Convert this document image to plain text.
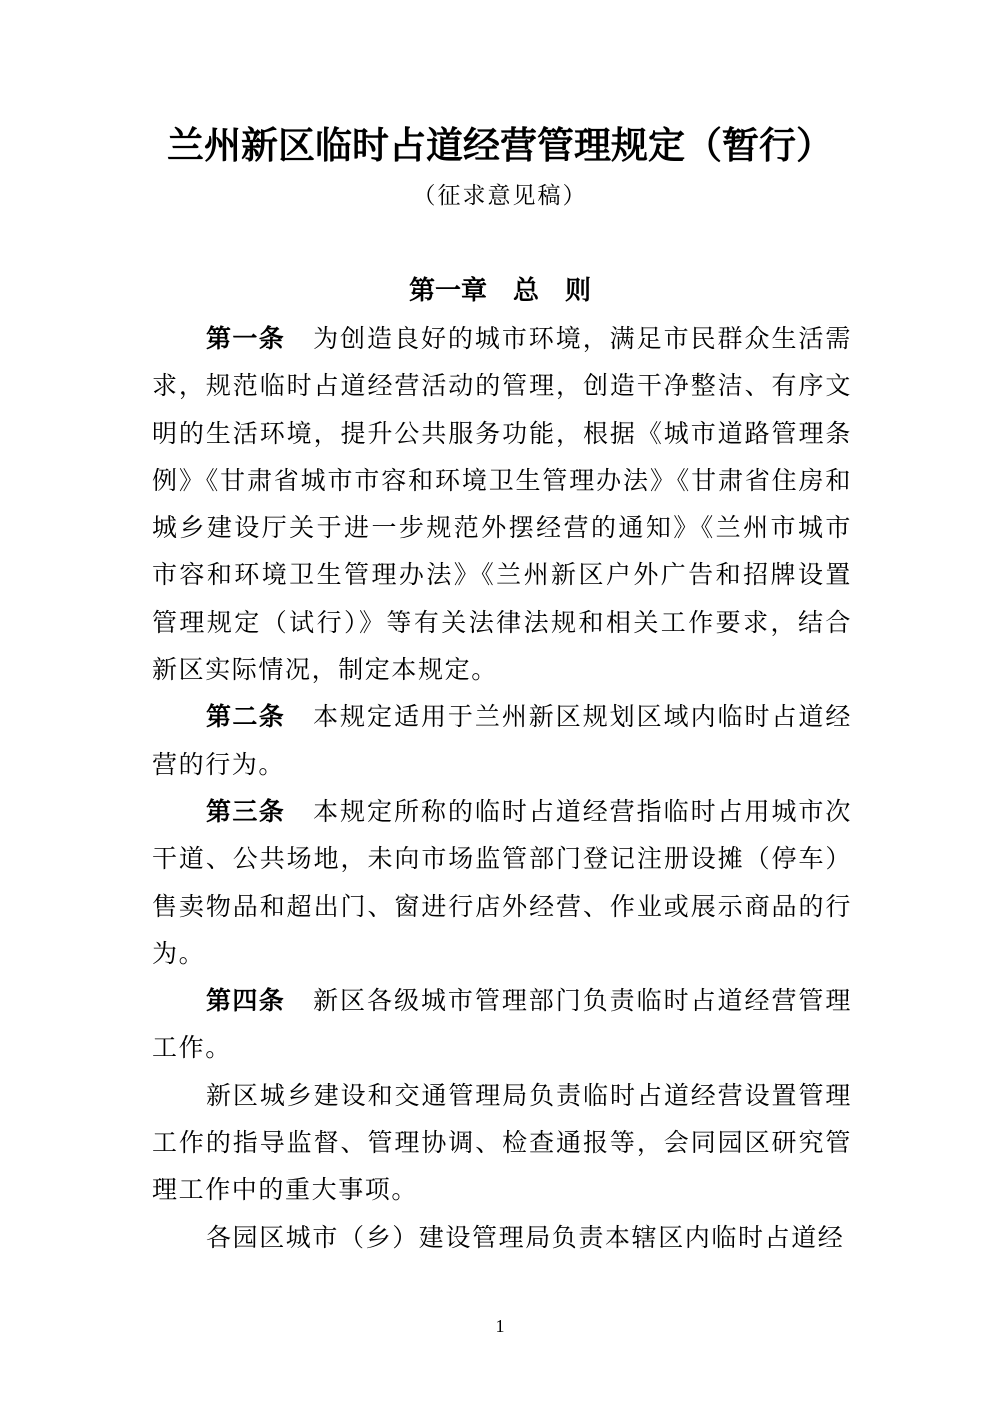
兰州新区临时占道经营管理规定（暂行）
（征求意见稿）
第一章　总　则

第一条 为创造良好的城市环境，满足市民群众生活需求，规范临时占道经营活动的管理，创造干净整洁、有序文明的生活环境，提升公共服务功能，根据《城市道路管理条例》《甘肃省城市市容和环境卫生管理办法》《甘肃省住房和城乡建设厅关于进一步规范外摆经营的通知》《兰州市城市市容和环境卫生管理办法》《兰州新区户外广告和招牌设置管理规定（试行）》等有关法律法规和相关工作要求，结合新区实际情况，制定本规定。

第二条 本规定适用于兰州新区规划区域内临时占道经营的行为。

第三条 本规定所称的临时占道经营指临时占用城市次干道、公共场地，未向市场监管部门登记注册设摊（停车）售卖物品和超出门、窗进行店外经营、作业或展示商品的行为。

第四条 新区各级城市管理部门负责临时占道经营管理工作。

新区城乡建设和交通管理局负责临时占道经营设置管理工作的指导监督、管理协调、检查通报等，会同园区研究管理工作中的重大事项。

各园区城市（乡）建设管理局负责本辖区内临时占道经

1
